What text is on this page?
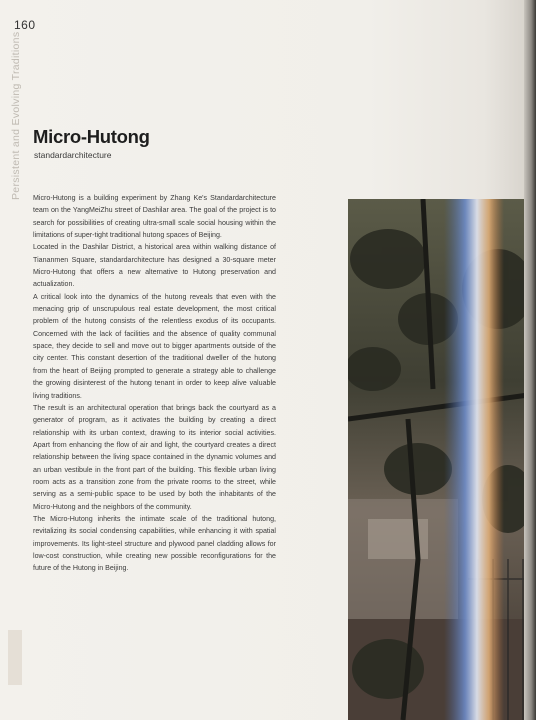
160
Persistent and Evolving Traditions Micro-Hutong
standardarchitecture

Micro-Hutong is a building experiment by Zhang Ke's Standardarchitecture team on the YangMeiZhu street of Dashilar area. The goal of the project is to search for possibilities of creating ultra-small scale social housing within the limitations of super-tight traditional hutong spaces of Beijing.

Located in the Dashilar District, a historical area within walking distance of Tiananmen Square, standardarchitecture has designed a 30-square meter Micro-Hutong that offers a new alternative to Hutong preservation and actualization.

A critical look into the dynamics of the hutong reveals that even with the menacing grip of unscrupulous real estate development, the most critical problem of the hutong consists of the relentless exodus of its occupants. Concerned with the lack of facilities and the absence of quality communal space, they decide to sell and move out to bigger apartments outside of the city center. This constant desertion of the traditional dweller of the hutong from the heart of Beijing prompted to generate a strategy able to challenge the growing disinterest of the hutong tenant in order to keep alive valuable living traditions.

The result is an architectural operation that brings back the courtyard as a generator of program, as it activates the building by creating a direct relationship with its urban context, drawing to its interior social activities. Apart from enhancing the flow of air and light, the courtyard creates a direct relationship between the living space contained in the dynamic volumes and an urban vestibule in the front part of the building. This flexible urban living room acts as a transition zone from the private rooms to the street, while serving as a semi-public space to be used by both the inhabitants of the Micro-Hutong and the neighbors of the community.

The Micro-Hutong inherits the intimate scale of the traditional hutong, revitalizing its social condensing capabilities, while enhancing it with spatial improvements. Its light-steel structure and plywood panel cladding allows for low-cost construction, while creating new possible reconfigurations for the future of the Hutong in Beijing.
